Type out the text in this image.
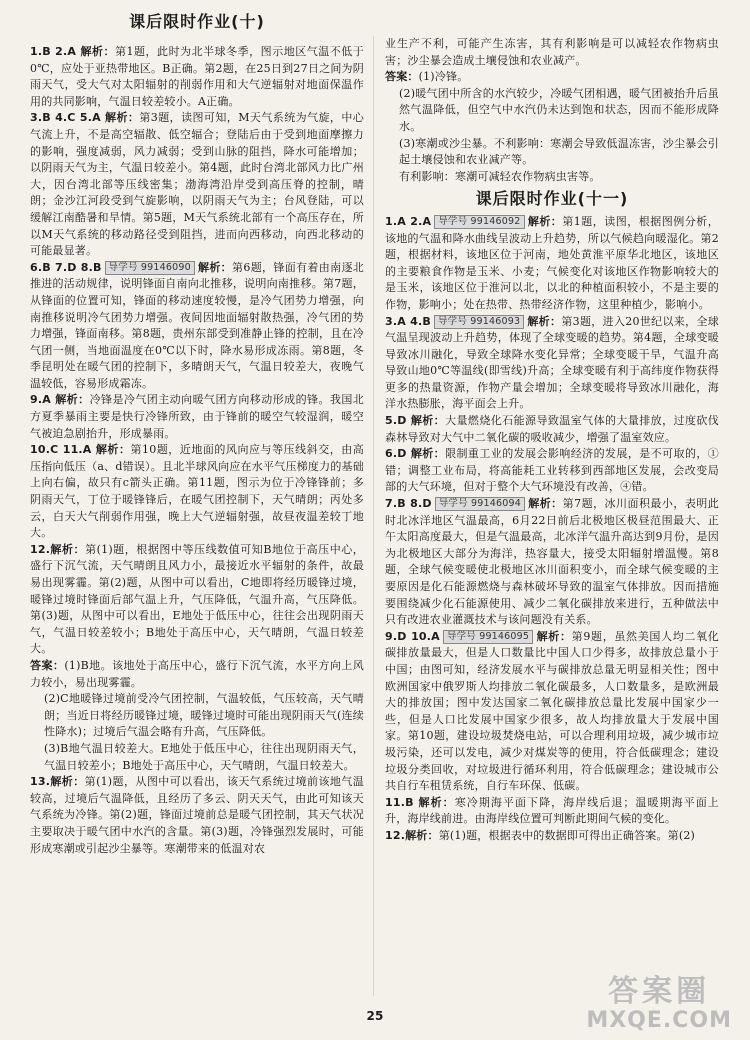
课后限时作业(十)

1.B 2.A 解析：第1题，此时为北半球冬季，图示地区气温不低于0℃，应处于亚热带地区。B正确。第2题，在25日到27日之间为阴雨天气，受大气对太阳辐射的削弱作用和大气逆辐射对地面保温作用的共同影响，气温日较差较小。A正确。

3.B 4.C 5.A 解析：第3题，读图可知，M天气系统为气旋，中心气流上升，不是高空辐散、低空辐合；登陆后由于受到地面摩擦力的影响，强度减弱，风力减弱；受到山脉的阻挡，降水可能增加；以阴雨天气为主，气温日较差小。第4题，此时台湾北部风力比广州大，因台湾北部等压线密集；渤海湾沿岸受到高压脊的控制，晴朗；金沙江河段受到气旋影响，以阴雨天气为主；台风登陆，可以缓解江南酷暑和旱情。第5题，M天气系统北部有一个高压存在，所以M天气系统的移动路径受到阻挡，进而向西移动，向西北移动的可能最显著。

6.B 7.D 8.B 导学号 99146090 解析：第6题，锋面有着由南逐北推进的活动规律，说明锋面自南向北推移，说明向南推移。第7题，从锋面的位置可知，锋面的移动速度较慢，是冷气团势力增强，向南推移说明冷气团势力增强。夜间因地面辐射散热强，冷气团的势力增强，锋面南移。第8题，贵州东部受到准静止锋的控制，且在冷气团一侧，当地面温度在0℃以下时，降水易形成冻雨。第8题，冬季昆明处在暖气团的控制下，多晴朗天气，气温日较差大，夜晚气温较低，容易形成霜冻。

9.A 解析：冷锋是冷气团主动向暖气团方向移动形成的锋。我国北方夏季暴雨主要是快行冷锋所致，由于锋前的暖空气较湿润，暖空气被迫急剧抬升，形成暴雨。

10.C 11.A 解析：第10题，近地面的风向应与等压线斜交，由高压指向低压（a、d错误）。且北半球风向应在水平气压梯度力的基础上向右偏，故只有c箭头正确。第11题，图示为位于冷锋锋前；多阴雨天气，丁位于暖锋锋后，在暖气团控制下，天气晴朗；丙处多云，白天大气削弱作用强，晚上大气逆辐射强，故昼夜温差较丁地大。

12.解析：第(1)题，根据图中等压线数值可知B地位于高压中心，盛行下沉气流，天气晴朗且风力小，最接近水平辐射的条件，故最易出现雾霾。第(2)题，从图中可以看出，C地即将经历暖锋过境，暖锋过境时锋面后部气温上升，气压降低，气温升高，气压降低。第(3)题，从图中可以看出，E地处于低压中心，往往会出现阴雨天气，气温日较差较小；B地处于高压中心，天气晴朗，气温日较差大。

答案：(1)B地。该地处于高压中心，盛行下沉气流，水平方向上风力较小，易出现雾霾。

(2)C地暖锋过境前受冷气团控制，气温较低，气压较高，天气晴朗；当近日将经历暖锋过境，暖锋过境时可能出现阴雨天气(连续性降水)；过境后气温会略有升高，气压降低。

(3)B地气温日较差大。E地处于低压中心，往往出现阴雨天气，气温日较差小；B地处于高压中心，天气晴朗，气温日较差大。

13.解析：第(1)题，从图中可以看出，该天气系统过境前该地气温较高，过境后气温降低，且经历了多云、阴天天气，由此可知该天气系统为冷锋。第(2)题，锋面过境前总是暖气团控制，其天气状况主要取决于暖气团中水汽的含量。第(3)题，冷锋强烈发展时，可能形成寒潮或引起沙尘暴等。寒潮带来的低温对农

业生产不利，可能产生冻害，其有利影响是可以减轻农作物病虫害；沙尘暴会造成土壤侵蚀和农业减产。

答案：(1)冷锋。

(2)暖气团中所含的水汽较少，冷暖气团相遇，暖气团被抬升后虽然气温降低，但空气中水汽仍未达到饱和状态，因而不能形成降水。

(3)寒潮或沙尘暴。不利影响：寒潮会导致低温冻害，沙尘暴会引起土壤侵蚀和农业减产等。

有利影响：寒潮可减轻农作物病虫害等。

课后限时作业(十一)

1.A 2.A 导学号 99146092 解析：第1题，读图，根据图例分析，该地的气温和降水曲线呈波动上升趋势，所以气候趋向暖湿化。第2题，根据材料，该地区位于河南，地处黄淮平原华北地区，该地区的主要粮食作物是玉米、小麦；气候变化对该地区作物影响较大的是玉米，该地区位于淮河以北，以北的种植面积较小，不是主要的作物，影响小；处在热带、热带经济作物，这里种植少，影响小。

3.A 4.B 导学号 99146093 解析：第3题，进入20世纪以来，全球气温呈现波动上升趋势，体现了全球变暖的趋势。第4题，全球变暖导致冰川融化，导致全球降水变化异常；全球变暖干旱，气温升高导致山地0℃等温线(即雪线)升高；全球变暖有利于高纬度作物获得更多的热量资源，作物产量会增加；全球变暖将导致冰川融化，海洋水热膨胀，海平面会上升。

5.D 解析：大量燃烧化石能源导致温室气体的大量排放，过度砍伐森林导致对大气中二氧化碳的吸收减少，增强了温室效应。

6.D 解析：限制重工业的发展会影响经济的发展，是不可取的，①错；调整工业布局，将高能耗工业转移到西部地区发展，会改变局部的大气环境，但对于整个大气环境没有改善，④错。

7.B 8.D 导学号 99146094 解析：第7题，冰川面积最小，表明此时北冰洋地区气温最高，6月22日前后北极地区极昼范围最大、正午太阳高度最大，但是气温最高，北冰洋气温升高达到9月份，是因为北极地区大部分为海洋，热容量大，接受太阳辐射增温慢。第8题，全球气候变暖使北极地区冰川面积变小，而全球气候变暖的主要原因是化石能源燃烧与森林破坏导致的温室气体排放。因而措施要围绕减少化石能源使用、减少二氧化碳排放来进行，五种做法中只有改进农业灌溉技术与该问题没有关系。

9.D 10.A 导学号 99146095 解析：第9题，虽然美国人均二氧化碳排放量最大，但是人口数量比中国人口少得多，故排放总量小于中国；由图可知，经济发展水平与碳排放总量无明显相关性；图中欧洲国家中俄罗斯人均排放二氧化碳最多，人口数量多，是欧洲最大的排放国；图中发达国家二氧化碳排放总量比发展中国家少一些，但是人口比发展中国家少很多，故人均排放量大于发展中国家。第10题，建设垃圾焚烧电站，可以合理利用垃圾，减少城市垃圾污染，还可以发电，减少对煤炭等的使用，符合低碳理念；建设垃圾分类回收，对垃圾进行循环利用，符合低碳理念；建设城市公共自行车租赁系统，自行车环保、低碳。

11.B 解析：寒冷期海平面下降，海岸线后退；温暖期海平面上升，海岸线前进。由海岸线位置可判断此期间气候的变化。

12.解析：第(1)题，根据表中的数据即可得出正确答案。第(2)

25
答案圈
MXQE.COM
